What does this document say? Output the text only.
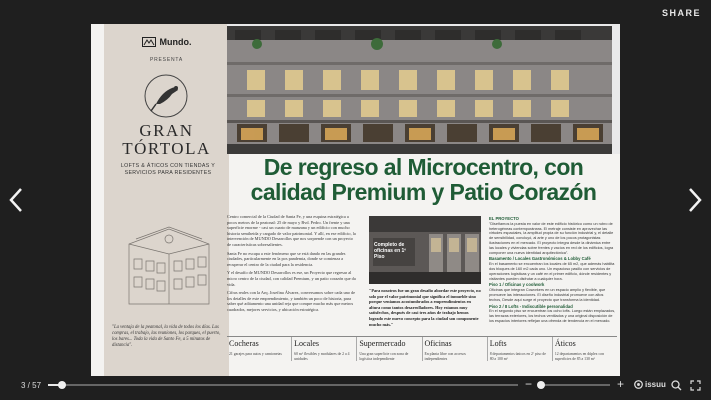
SHARE
Mundo.
PRESENTA
GRAN
TÓRTOLA
LOFTS & ÁTICOS CON TIENDAS Y SERVICIOS PARA RESIDENTES
"La ventaja de la peatonal, la vida de todos los días. Las compras, el trabajo, las reuniones, los parques, el puerto, los bares... Toda la vida de Santo Fe, a 5 minutos de distancia".
De regreso al Microcentro, con calidad Premium y Patio Corazón

Centro comercial de la Ciudad de Santa Fe, y una esquina estratégica a pocos metros de la peatonal: 25 de mayo y Bvd. Pedro. Un frente y una superficie enorme - casi un cuarto de manzana y un edificio con mucho historia semiheida y cargado de valor patrimonial. Y allí, en ese edificio, la intervención de MUNDO Desarrollos que nos sorprende con un proyecto de características sobresalientes.

Santa Fe no escapa a este fenómeno que se está dando en las grandes ciudades, particularmente en la pos pandemia, donde se comienza a recuperar el centro de la ciudad para la residencia.

Y el desafío de MUNDO Desarrollos es ese, un Proyecto que regresar al micro centro de la ciudad, con calidad Premium, y un patio corazón que da vida.

Cifras reales con la Arq. Josefina Álvarez, conversamos sobre cada uno de los detalles de este emprendimiento, y también un poco de historia, para saber qué aditamento una unidad reja que compre mucho más que metros cuadrados, mejores servicios, y ubicación estratégica.

Completo de oficinas en 1º Piso
"Para nosotros fue un gran desafío abordar este proyecto, no solo por el valor patrimonial que significa el inmueble sino porque veníamos acostumbrados a emprendimientos en altura como tantos desarrolladores. Hoy estamos muy satisfechos, después de casi tres años de trabajo hemos logrado este nuevo concepto para la ciudad son componente mucho más."
EL PROYECTO
"Diseñamos la puesta en valor de este edificio histórico como un rubro de heterogéneas contemporáneas. El metraje consiste en aprovechar las virtudes espaciales, la amplitud propia de su función industrial y, el detalle de sensibilidad, concluyó, al arte y uno de los pocos protagonistas ilustraciones en el mercado. El proyecto integra desde la dinámica entre las locales y viviendas sobre frentes y vacíos en red de los edificios, logra componer una nueva identidad arquitectónica".
Basamento / Locales Gastronómicos & Lobby Café
En el basamento se encuentran los locales de 65 m2, que además habilita dos bloques de 160 m2 cada uno. Un espacioso pasillo con servicios de operaciones logísticas y un café en el primer edificio, dónde residentes y visitantes pueden disfrutar a cualquier hora.
Piso 1 / Oficinas y coolwork
Oficinas que integran Coworkers en un espacio amplio y flexible, que promueve las interacciones. El diseño industrial promueve con altos techos, Desde aquí surge el proyecto que transforma la identidad.
Piso 2 / 8 Lofts - Indiscutible personalidad
En el segundo piso se encuentran los ocho lofts. Luego están emplazados, las terrazas exteriores, los techos ventilados y una original disposición de los espacios interiores reflejan una ofrenda de tendencia en el mercado.
Cocheras
21 garajes para autos y camionetas
Locales
60 m² flexibles y modulares de 2 a 4 unidades
Supermercado
Una gran superficie con zona de logística independiente
Oficinas
En planta libre con accesos independientes
Lofts
8 departamentos únicos en 2º piso de 80 a 100 m²
Áticos
12 departamentos en dúplex con superficies de 85 a 130 m²
3 / 57	−	+	issuu
